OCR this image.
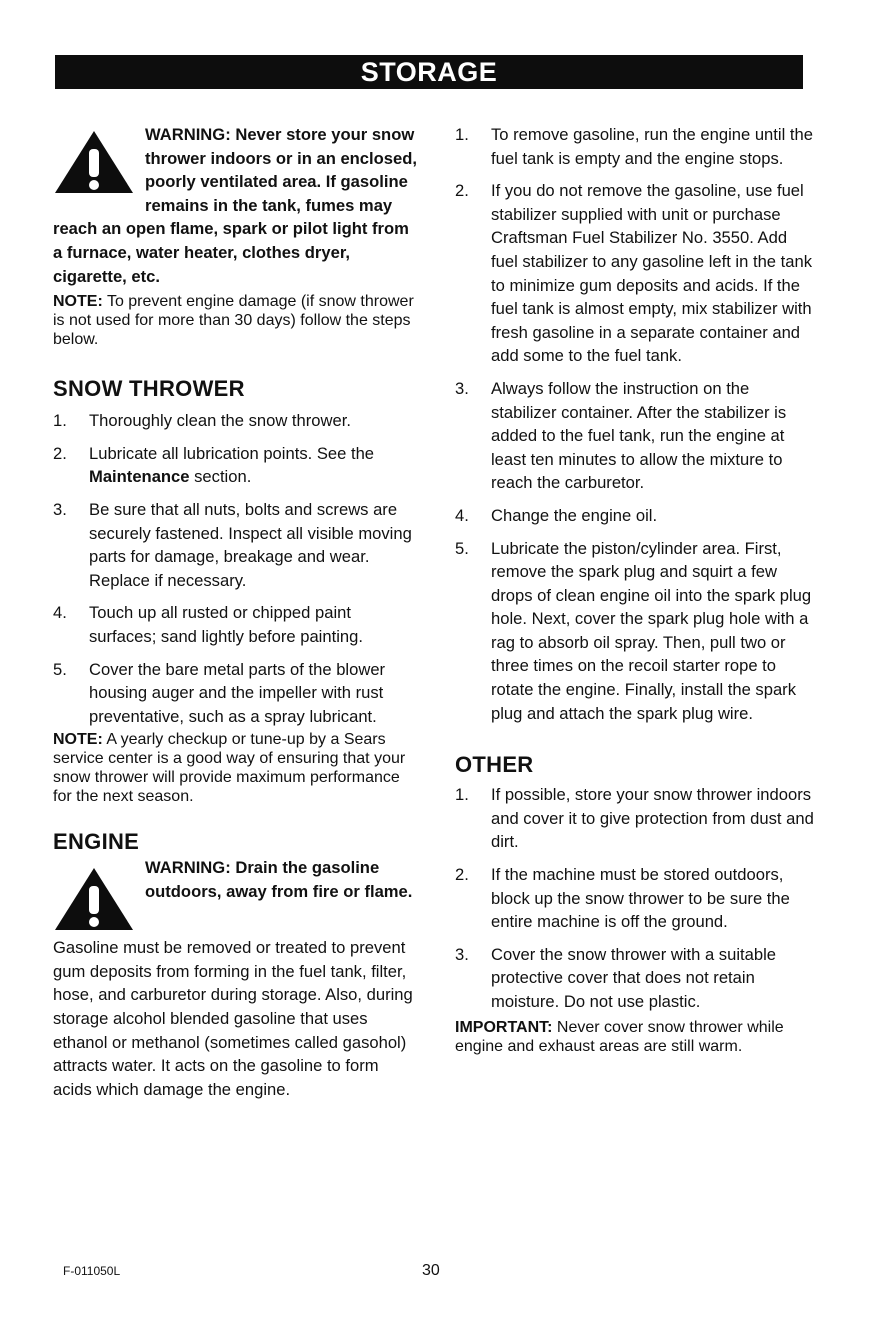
STORAGE
WARNING: Never store your snow thrower indoors or in an enclosed, poorly ventilated area. If gasoline remains in the tank, fumes may reach an open flame, spark or pilot light from a furnace, water heater, clothes dryer, cigarette, etc.
NOTE: To prevent engine damage (if snow thrower is not used for more than 30 days) follow the steps below.
SNOW THROWER
1. Thoroughly clean the snow thrower.
2. Lubricate all lubrication points. See the Maintenance section.
3. Be sure that all nuts, bolts and screws are securely fastened. Inspect all visible moving parts for damage, breakage and wear. Replace if necessary.
4. Touch up all rusted or chipped paint surfaces; sand lightly before painting.
5. Cover the bare metal parts of the blower housing auger and the impeller with rust preventative, such as a spray lubricant.
NOTE: A yearly checkup or tune-up by a Sears service center is a good way of ensuring that your snow thrower will provide maximum performance for the next season.
ENGINE
WARNING: Drain the gasoline outdoors, away from fire or flame.
Gasoline must be removed or treated to prevent gum deposits from forming in the fuel tank, filter, hose, and carburetor during storage. Also, during storage alcohol blended gasoline that uses ethanol or methanol (sometimes called gasohol) attracts water. It acts on the gasoline to form acids which damage the engine.
1. To remove gasoline, run the engine until the fuel tank is empty and the engine stops.
2. If you do not remove the gasoline, use fuel stabilizer supplied with unit or purchase Craftsman Fuel Stabilizer No. 3550. Add fuel stabilizer to any gasoline left in the tank to minimize gum deposits and acids. If the fuel tank is almost empty, mix stabilizer with fresh gasoline in a separate container and add some to the fuel tank.
3. Always follow the instruction on the stabilizer container. After the stabilizer is added to the fuel tank, run the engine at least ten minutes to allow the mixture to reach the carburetor.
4. Change the engine oil.
5. Lubricate the piston/cylinder area. First, remove the spark plug and squirt a few drops of clean engine oil into the spark plug hole. Next, cover the spark plug hole with a rag to absorb oil spray. Then, pull two or three times on the recoil starter rope to rotate the engine. Finally, install the spark plug and attach the spark plug wire.
OTHER
1. If possible, store your snow thrower indoors and cover it to give protection from dust and dirt.
2. If the machine must be stored outdoors, block up the snow thrower to be sure the entire machine is off the ground.
3. Cover the snow thrower with a suitable protective cover that does not retain moisture. Do not use plastic.
IMPORTANT: Never cover snow thrower while engine and exhaust areas are still warm.
F-011050L	30
